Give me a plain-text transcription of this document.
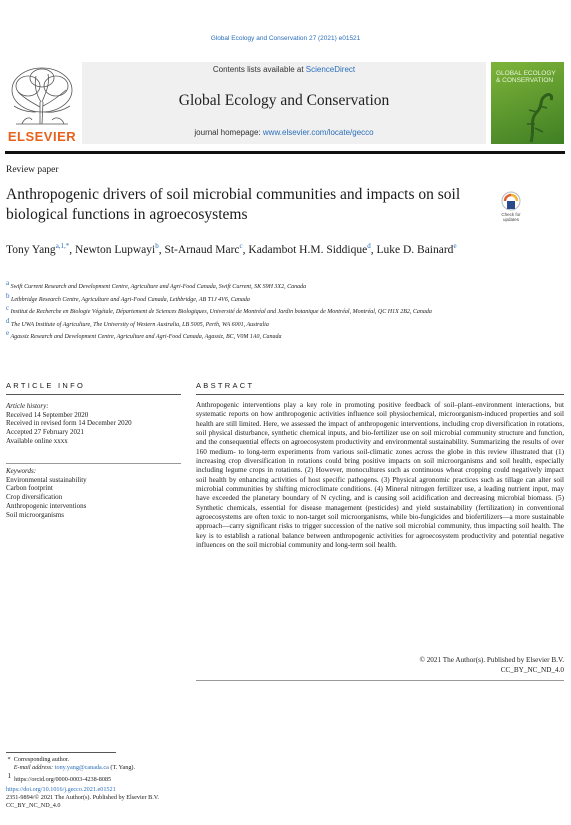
Global Ecology and Conservation 27 (2021) e01521
ELSEVIER
Contents lists available at ScienceDirect
Global Ecology and Conservation
journal homepage: www.elsevier.com/locate/gecco
GLOBAL ECOLOGY & CONSERVATION
Review paper
Anthropogenic drivers of soil microbial communities and impacts on soil biological functions in agroecosystems	Check for updates
Tony Yang$^{a,1,*}$, Newton Lupwayi$^b$, St-Arnaud Marc$^c$, Kadambot H.M. Siddique$^d$, Luke D. Bainard$^e$
$^a$ Swift Current Research and Development Centre, Agriculture and Agri-Food Canada, Swift Current, SK S9H 3X2, Canada
$^b$ Lethbridge Research Centre, Agriculture and Agri-Food Canada, Lethbridge, AB T1J 4V6, Canada
$^c$ Institut de Recherche en Biologie Végétale, Département de Sciences Biologiques, Université de Montréal and Jardin botanique de Montréal, Montréal, QC H1X 2B2, Canada
$^d$ The UWA Institute of Agriculture, The University of Western Australia, LB 5005, Perth, WA 6001, Australia
$^e$ Agassiz Research and Development Centre, Agriculture and Agri-Food Canada, Agassiz, BC, V0M 1A0, Canada
ARTICLE INFO	ABSTRACT
Article history:
Received 14 September 2020
Received in revised form 14 December 2020
Accepted 27 February 2021
Available online xxxx
Keywords:
Environmental sustainability
Carbon footprint
Crop diversification
Anthropogenic interventions
Soil microorganisms
Anthropogenic interventions play a key role in promoting positive feedback of soil–plant–environment interactions, but systematic reports on how anthropogenic activities influence soil physiochemical, microorganism-induced properties and soil health are still limited. Here, we assessed the impact of anthropogenic interventions, including crop diversification in rotations, soil physical disturbance, synthetic chemical inputs, and bio-fertilizer use on soil microbial community structure and function, and the consequential effects on agroecosystem productivity and environmental sustainability. Summarizing the results of over 160 medium- to long-term experiments from various soil-climatic zones across the globe in this review illustrated that (1) increasing crop diversification in rotations could bring positive impacts on soil microorganisms and soil health, especially including legume crops in rotations. (2) However, monocultures such as continuous wheat cropping could negatively impact soil health by enhancing activities of host specific pathogens. (3) Physical agronomic practices such as tillage can alter soil microbial communities by shifting microclimate conditions. (4) Mineral nitrogen fertilizer use, a leading nutrient input, may have exceeded the planetary boundary of N cycling, and is causing soil acidification and decreasing microbial biomass. (5) Synthetic chemicals, essential for disease management (pesticides) and yield sustainability (fertilization) in conventional agroecosystems are often toxic to non-target soil microorganisms, while bio-fungicides and biofertilizers—a more sustainable approach—carry significant risks to trigger succession of the native soil microbial community, thus impacting soil health. The key is to establish a rational balance between anthropogenic activities for agroecosystem productivity and potential negative influences on the soil microbial community and long-term soil health.
© 2021 The Author(s). Published by Elsevier B.V.
CC_BY_NC_ND_4.0
*  Corresponding author.
E-mail address: tony.yang@canada.ca (T. Yang).
$^1$ https://orcid.org/0000-0003-4238-8085
https://doi.org/10.1016/j.gecco.2021.e01521
2351-9894/© 2021 The Author(s). Published by Elsevier B.V.
CC_BY_NC_ND_4.0
